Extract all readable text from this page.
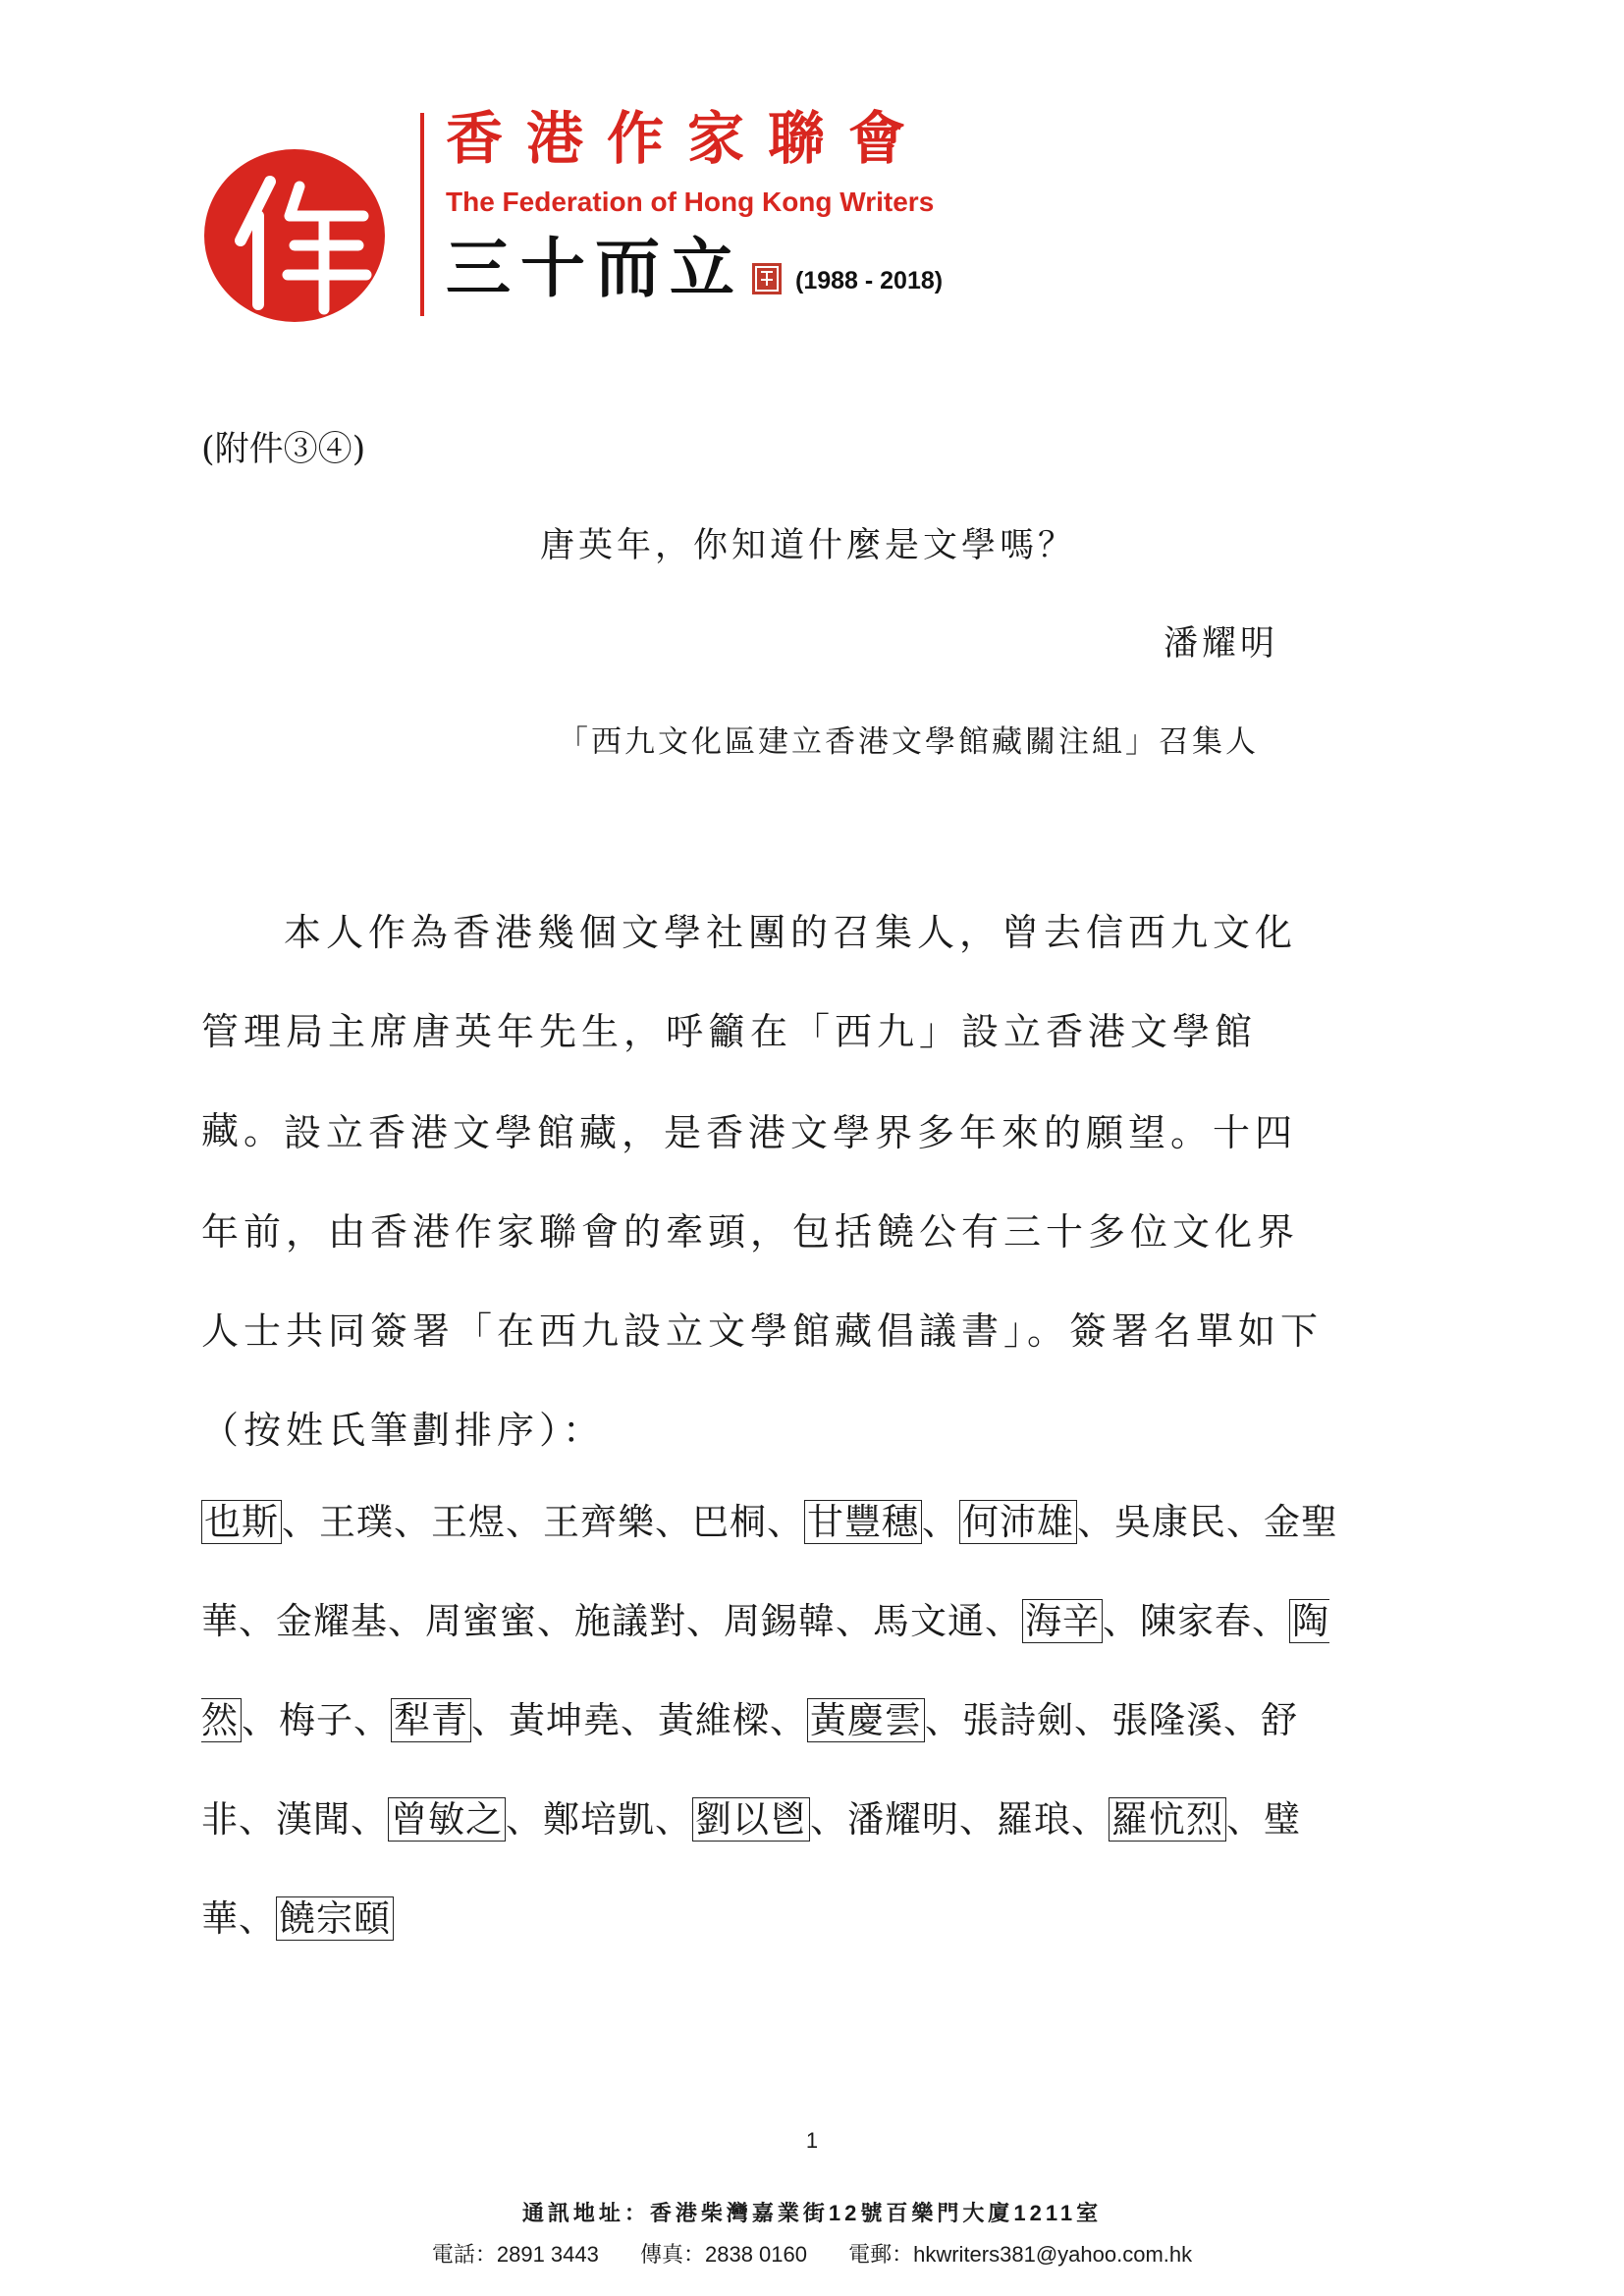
香港作家聯會
The Federation of Hong Kong Writers
三十而立 (1988 - 2018)
(附件③④)
唐英年，你知道什麼是文學嗎？
潘耀明
「西九文化區建立香港文學館藏關注組」召集人
本人作為香港幾個文學社團的召集人，曾去信西九文化管理局主席唐英年先生，呼籲在「西九」設立香港文學館藏。
設立香港文學館藏，是香港文學界多年來的願望。十四年前，由香港作家聯會的牽頭，包括饒公有三十多位文化界人士共同簽署「在西九設立文學館藏倡議書」。簽署名單如下（按姓氏筆劃排序）：
也斯、王璞、王煜、王齊樂、巴桐、甘豐穗、何沛雄、吳康民、金聖華、金耀基、周蜜蜜、施議對、周錫韓、馬文通、海辛、陳家春、陶然、梅子、犁青、黃坤堯、黃維樑、黃慶雲、張詩劍、張隆溪、舒非、漢聞、曾敏之、鄭培凱、劉以鬯、潘耀明、羅琅、羅忼烈、璧華、饒宗頤
1
通訊地址：香港柴灣嘉業街12號百樂門大廈1211室
電話：2891 3443 傳真：2838 0160 電郵：hkwriters381@yahoo.com.hk
